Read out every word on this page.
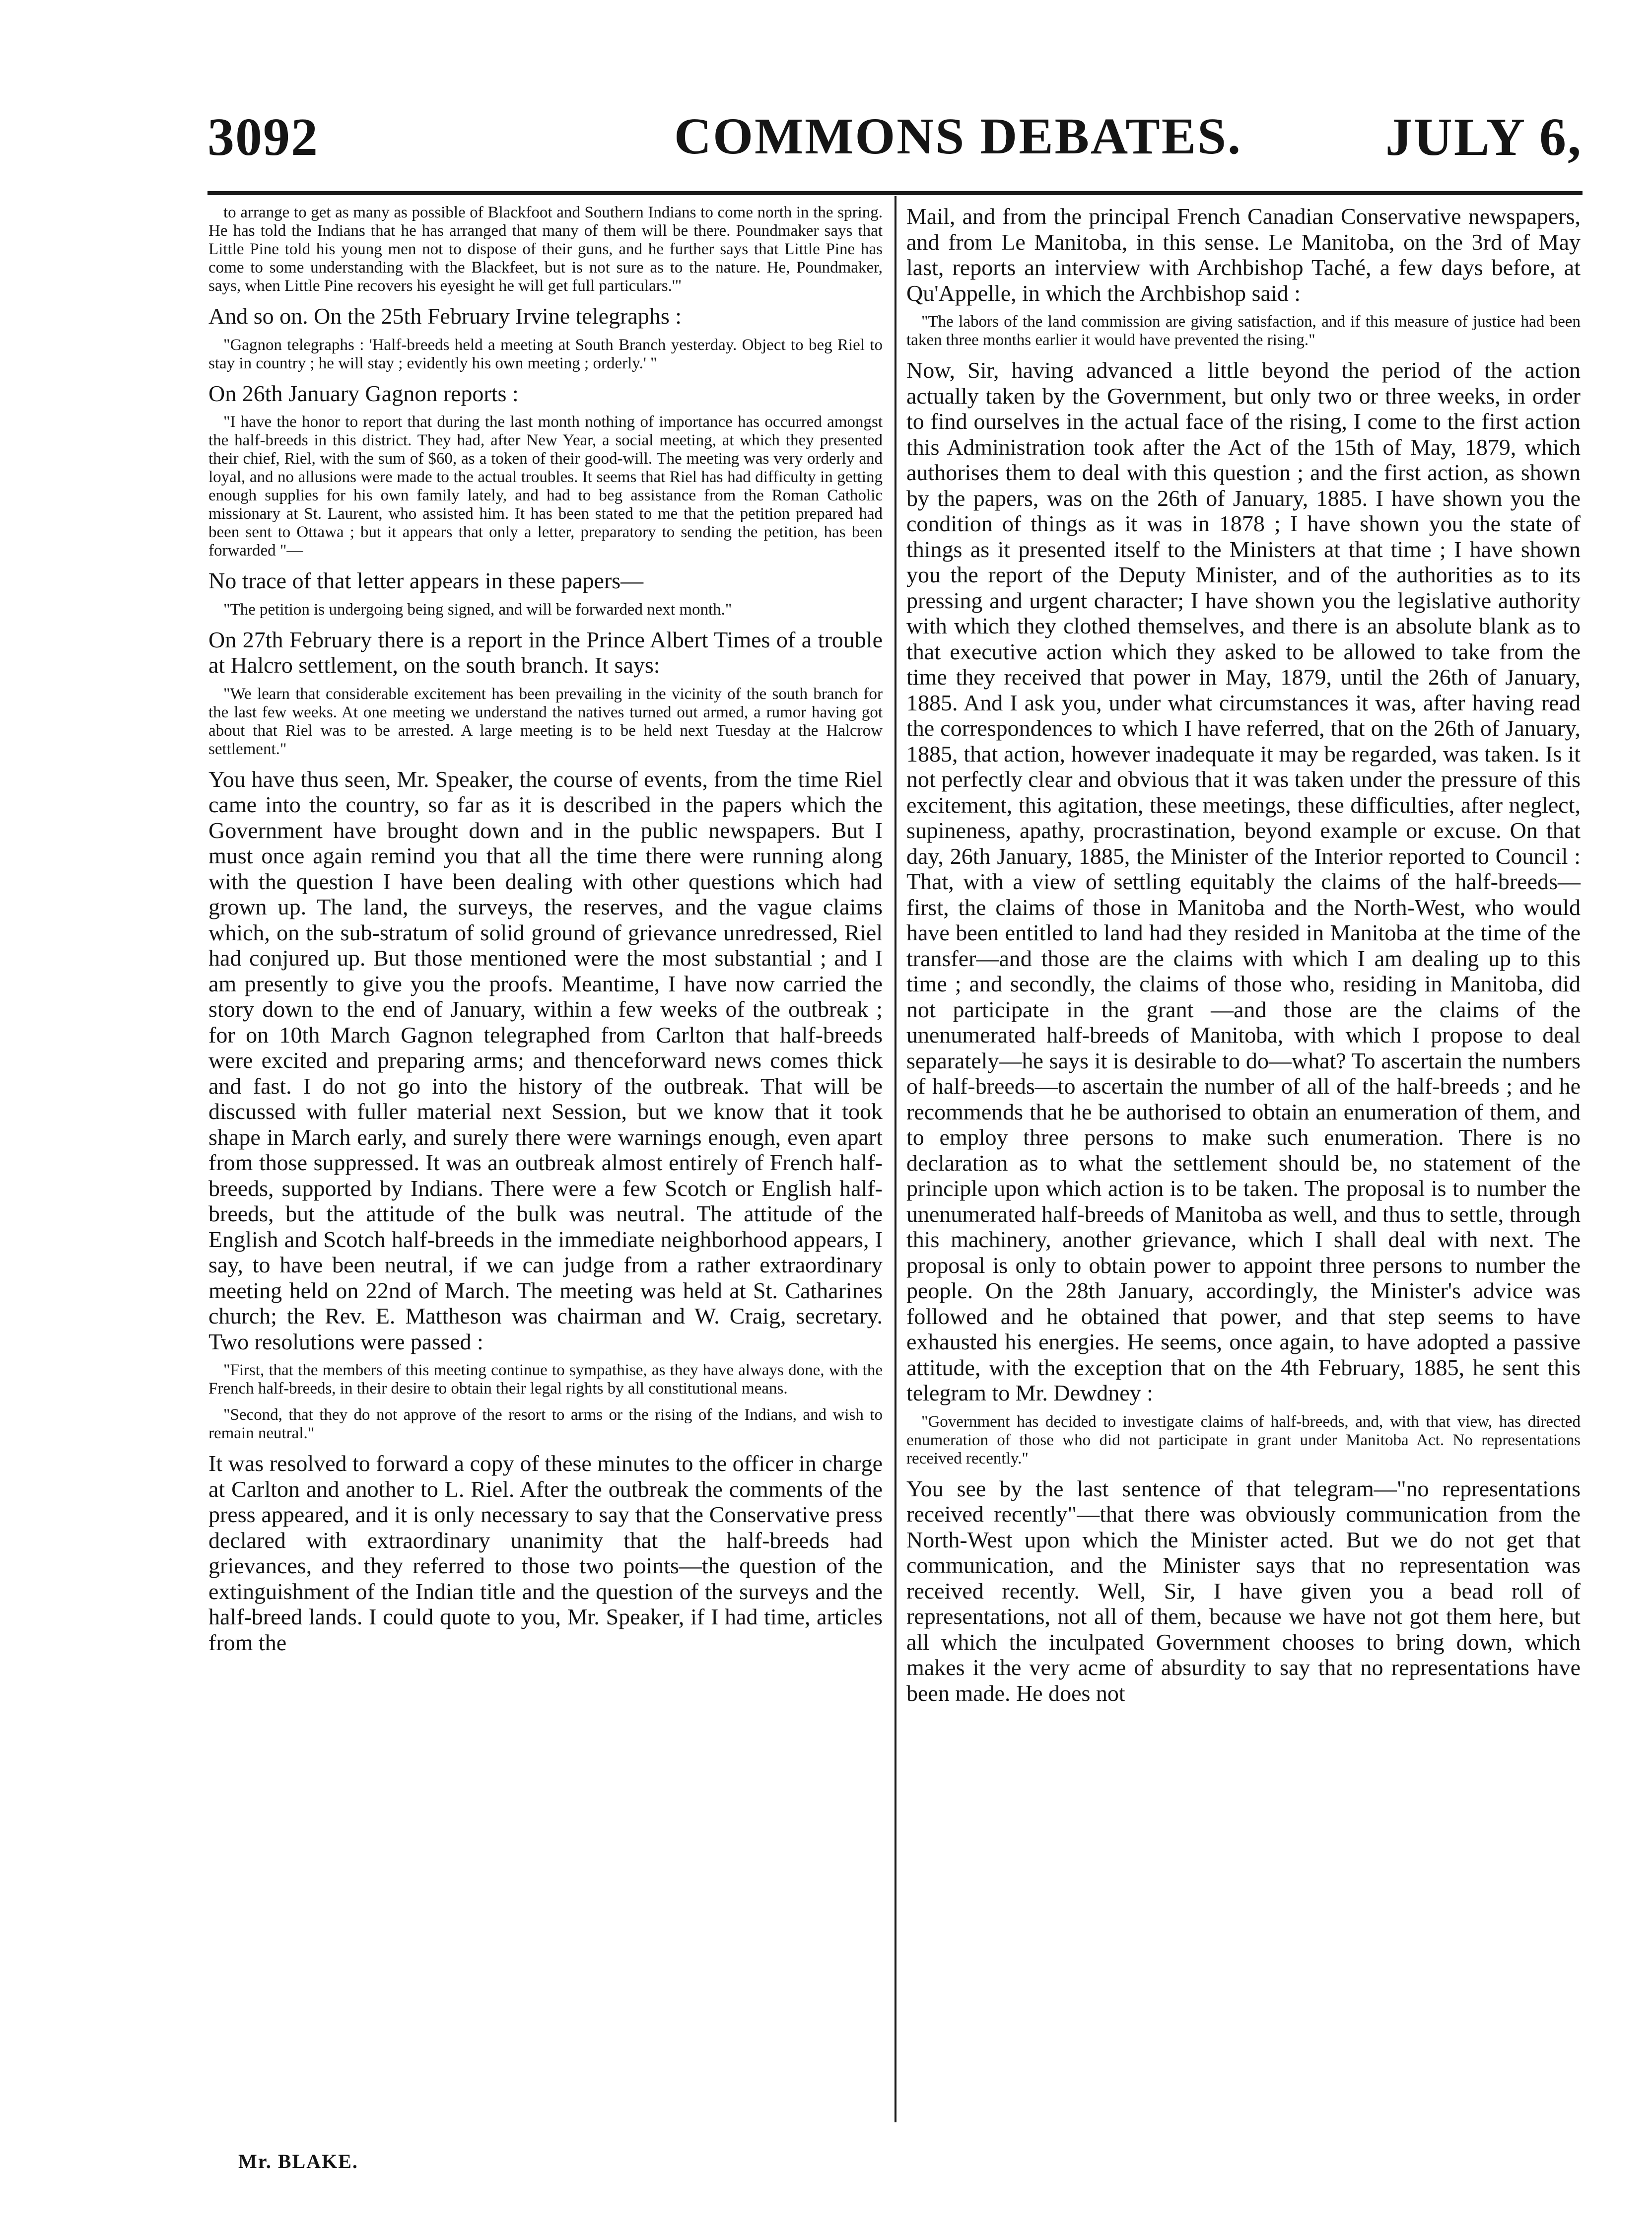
3092	COMMONS DEBATES.	JULY 6,
to arrange to get as many as possible of Blackfoot and Southern Indians to come north in the spring. He has told the Indians that he has arranged that many of them will be there. Poundmaker says that Little Pine told his young men not to dispose of their guns, and he further says that Little Pine has come to some understanding with the Blackfeet, but is not sure as to the nature. He, Poundmaker, says, when Little Pine recovers his eyesight he will get full particulars.'"

And so on. On the 25th February Irvine telegraphs :

"Gagnon telegraphs : 'Half-breeds held a meeting at South Branch yesterday. Object to beg Riel to stay in country ; he will stay ; evidently his own meeting ; orderly.' "

On 26th January Gagnon reports :

"I have the honor to report that during the last month nothing of importance has occurred amongst the half-breeds in this district. They had, after New Year, a social meeting, at which they presented their chief, Riel, with the sum of $60, as a token of their good-will. The meeting was very orderly and loyal, and no allusions were made to the actual troubles. It seems that Riel has had difficulty in getting enough supplies for his own family lately, and had to beg assistance from the Roman Catholic missionary at St. Laurent, who assisted him. It has been stated to me that the petition prepared had been sent to Ottawa ; but it appears that only a letter, preparatory to sending the petition, has been forwarded "—

No trace of that letter appears in these papers—

"The petition is undergoing being signed, and will be forwarded next month."

On 27th February there is a report in the Prince Albert Times of a trouble at Halcro settlement, on the south branch. It says:

"We learn that considerable excitement has been prevailing in the vicinity of the south branch for the last few weeks. At one meeting we understand the natives turned out armed, a rumor having got about that Riel was to be arrested. A large meeting is to be held next Tuesday at the Halcrow settlement."

You have thus seen, Mr. Speaker, the course of events, from the time Riel came into the country, so far as it is described in the papers which the Government have brought down and in the public newspapers. But I must once again remind you that all the time there were running along with the question I have been dealing with other questions which had grown up. The land, the surveys, the reserves, and the vague claims which, on the sub-stratum of solid ground of grievance unredressed, Riel had conjured up. But those mentioned were the most substantial ; and I am presently to give you the proofs. Meantime, I have now carried the story down to the end of January, within a few weeks of the outbreak ; for on 10th March Gagnon telegraphed from Carlton that half-breeds were excited and preparing arms; and thenceforward news comes thick and fast. I do not go into the history of the outbreak. That will be discussed with fuller material next Session, but we know that it took shape in March early, and surely there were warnings enough, even apart from those suppressed. It was an outbreak almost entirely of French half-breeds, supported by Indians. There were a few Scotch or English half-breeds, but the attitude of the bulk was neutral. The attitude of the English and Scotch half-breeds in the immediate neighborhood appears, I say, to have been neutral, if we can judge from a rather extraordinary meeting held on 22nd of March. The meeting was held at St. Catharines church; the Rev. E. Mattheson was chairman and W. Craig, secretary. Two resolutions were passed :

"First, that the members of this meeting continue to sympathise, as they have always done, with the French half-breeds, in their desire to obtain their legal rights by all constitutional means.
"Second, that they do not approve of the resort to arms or the rising of the Indians, and wish to remain neutral."

It was resolved to forward a copy of these minutes to the officer in charge at Carlton and another to L. Riel. After the outbreak the comments of the press appeared, and it is only necessary to say that the Conservative press declared with extraordinary unanimity that the half-breeds had grievances, and they referred to those two points—the question of the extinguishment of the Indian title and the question of the surveys and the half-breed lands. I could quote to you, Mr. Speaker, if I had time, articles from the

Mail, and from the principal French Canadian Conservative newspapers, and from Le Manitoba, in this sense. Le Manitoba, on the 3rd of May last, reports an interview with Archbishop Taché, a few days before, at Qu'Appelle, in which the Archbishop said :

"The labors of the land commission are giving satisfaction, and if this measure of justice had been taken three months earlier it would have prevented the rising."

Now, Sir, having advanced a little beyond the period of the action actually taken by the Government, but only two or three weeks, in order to find ourselves in the actual face of the rising, I come to the first action this Administration took after the Act of the 15th of May, 1879, which authorises them to deal with this question ; and the first action, as shown by the papers, was on the 26th of January, 1885. I have shown you the condition of things as it was in 1878 ; I have shown you the state of things as it presented itself to the Ministers at that time ; I have shown you the report of the Deputy Minister, and of the authorities as to its pressing and urgent character; I have shown you the legislative authority with which they clothed themselves, and there is an absolute blank as to that executive action which they asked to be allowed to take from the time they received that power in May, 1879, until the 26th of January, 1885. And I ask you, under what circumstances it was, after having read the correspondences to which I have referred, that on the 26th of January, 1885, that action, however inadequate it may be regarded, was taken. Is it not perfectly clear and obvious that it was taken under the pressure of this excitement, this agitation, these meetings, these difficulties, after neglect, supineness, apathy, procrastination, beyond example or excuse. On that day, 26th January, 1885, the Minister of the Interior reported to Council : That, with a view of settling equitably the claims of the half-breeds—first, the claims of those in Manitoba and the North-West, who would have been entitled to land had they resided in Manitoba at the time of the transfer—and those are the claims with which I am dealing up to this time ; and secondly, the claims of those who, residing in Manitoba, did not participate in the grant —and those are the claims of the unenumerated half-breeds of Manitoba, with which I propose to deal separately—he says it is desirable to do—what? To ascertain the numbers of half-breeds—to ascertain the number of all of the half-breeds ; and he recommends that he be authorised to obtain an enumeration of them, and to employ three persons to make such enumeration. There is no declaration as to what the settlement should be, no statement of the principle upon which action is to be taken. The proposal is to number the unenumerated half-breeds of Manitoba as well, and thus to settle, through this machinery, another grievance, which I shall deal with next. The proposal is only to obtain power to appoint three persons to number the people. On the 28th January, accordingly, the Minister's advice was followed and he obtained that power, and that step seems to have exhausted his energies. He seems, once again, to have adopted a passive attitude, with the exception that on the 4th February, 1885, he sent this telegram to Mr. Dewdney :

"Government has decided to investigate claims of half-breeds, and, with that view, has directed enumeration of those who did not participate in grant under Manitoba Act. No representations received recently."

You see by the last sentence of that telegram—"no representations received recently"—that there was obviously communication from the North-West upon which the Minister acted. But we do not get that communication, and the Minister says that no representation was received recently. Well, Sir, I have given you a bead roll of representations, not all of them, because we have not got them here, but all which the inculpated Government chooses to bring down, which makes it the very acme of absurdity to say that no representations have been made. He does not

Mr. BLAKE.
